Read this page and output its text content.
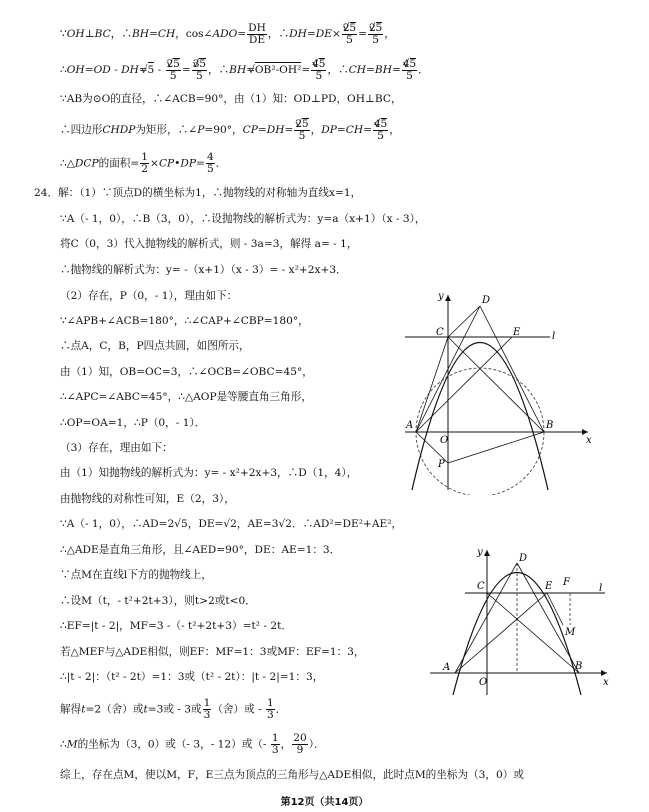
∵OH⊥BC，∴BH=CH，cos∠ADO= $\frac{DH}{DE}$ ，∴DH=DE× $\frac{2√ 5}{5} = \frac{2√ 5}{5}$ ，
∴OH=OD - DH=√ $5 - \frac{2√ 5}{5} = \frac{3√ 5}{5}$ ，∴BH=√ $OB^2-OH^2= \frac{4√ 5}{5}$ ，∴CH=BH= $\frac{4√ 5}{5}$ ．
∵AB为⊙O的直径，∴∠ACB=90°，由（1）知：OD⊥PD，OH⊥BC，
∴四边形CHDP为矩形，∴∠P=90°，$CP=DH= \frac{2√ 5}{5}$ ，$DP=CH= \frac{4√ 5}{5}$ ，
∴△DCP的面积= $\frac{1}{2}$ ×CP•DP= $\frac{4}{5}$ ．
24．解：（1）∵顶点D的横坐标为1，∴抛物线的对称轴为直线x=1，
∵A（- 1，0），∴B（3，0），∴设抛物线的解析式为：y=a（x+1）（x - 3），
将C（0，3）代入抛物线的解析式，则 - 3a=3，解得 a= - 1，
∴抛物线的解析式为：y= -（x+1）（x - 3）= - x²+2x+3．
（2）存在，P（0，- 1），理由如下：
∵∠APB+∠ACB=180°，∴∠CAP+∠CBP=180°，
∴点A，C，B，P四点共圆，如图所示，
由（1）知，OB=OC=3，∴∠OCB=∠OBC=45°，
∴∠APC=∠ABC=45°，∴△AOP是等腰直角三角形，
∴OP=OA=1，∴P（0，- 1）．
（3）存在，理由如下：
由（1）知抛物线的解析式为：y= - x²+2x+3，∴D（1，4），
由抛物线的对称性可知，E（2，3），
∵A（- 1，0），∴AD=2√5，DE=√2，AE=3√2．∴AD²=DE²+AE²，
∴△ADE是直角三角形，且∠AED=90°，DE：AE=1：3．
∵点M在直线l下方的抛物线上，
∴设M（t，- t²+2t+3），则t>2或t<0．
∴EF=|t - 2|，MF=3 -（- t²+2t+3）=t² - 2t．
若△MEF与△ADE相似，则EF：MF=1：3或MF：EF=1：3，
∴|t - 2|：（t² - 2t）=1：3或（t² - 2t）：|t - 2|=1：3，
解得t=2（舍）或t=3或 - 3或 $\frac{1}{3}$ （舍）或 - $\frac{1}{3}$ ．
∴M的坐标为（3，0）或（- 3，- 12）或（- $\frac{1}{3}$ ， $\frac{20}{9}$ ）．
综上，存在点M，使以M，F，E三点为顶点的三角形与△ADE相似，此时点M的坐标为（3，0）或
y	D
C	E	l
A
O
B
x
P
y
D
C	E F
l
M
A
O
B
x
第12页（共14页）
